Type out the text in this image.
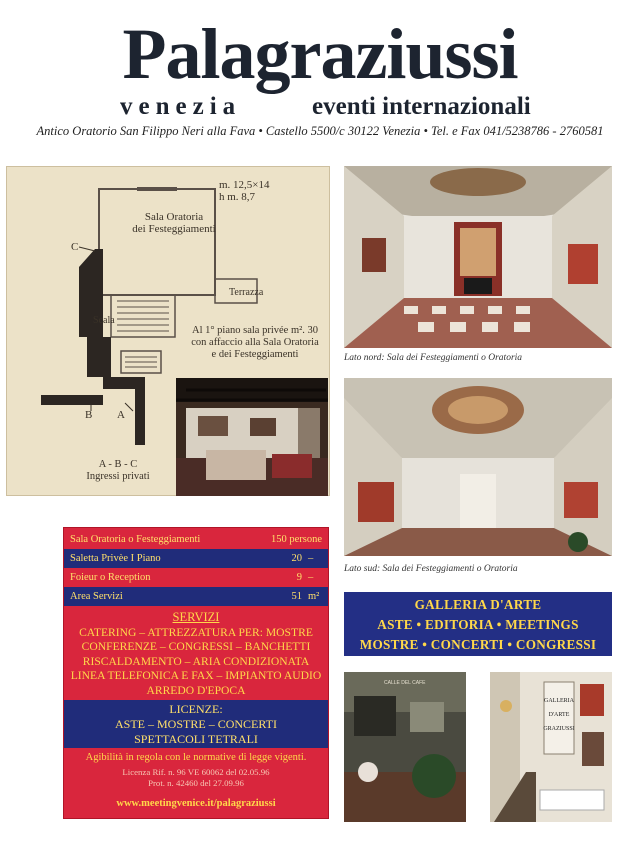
Palagraziussi
venezia	eventi internazionali
Antico Oratorio San Filippo Neri alla Fava • Castello 5500/c 30122 Venezia • Tel. e Fax 041/5238786 - 2760581
m. 12,5×14
h m. 8,7
Sala Oratoria
dei Festeggiamenti
Terrazza
Scala
Al 1° piano sala privée m². 30
con affaccio alla Sala Oratoria
e dei Festeggiamenti
C
B A
A - B - C
Ingressi privati
Lato nord: Sala dei Festeggiamenti o Oratoria
Lato sud: Sala dei Festeggiamenti o Oratoria
Sala Oratoria o Festeggiamenti	150 persone
Saletta Privèe I Piano	20 –
Foieur o Reception	9 –
Area Servizi	51 m²
SERVIZI
CATERING – ATTREZZATURA PER: MOSTRE
CONFERENZE – CONGRESSI – BANCHETTI
RISCALDAMENTO – ARIA CONDIZIONATA
LINEA TELEFONICA E FAX – IMPIANTO AUDIO
ARREDO D'EPOCA
LICENZE:
ASTE – MOSTRE – CONCERTI
SPETTACOLI TETRALI
Agibilità in regola con le normative di legge vigenti.
Licenza Rif. n. 96 VE 60062 del 02.05.96
Prot. n. 42460 del 27.09.96
www.meetingvenice.it/palagraziussi
GALLERIA D'ARTE
ASTE • EDITORIA • MEETINGS
MOSTRE • CONCERTI • CONGRESSI
CALLE DEL CAFE
GALLERIA
D'ARTE
GRAZIUSSI
